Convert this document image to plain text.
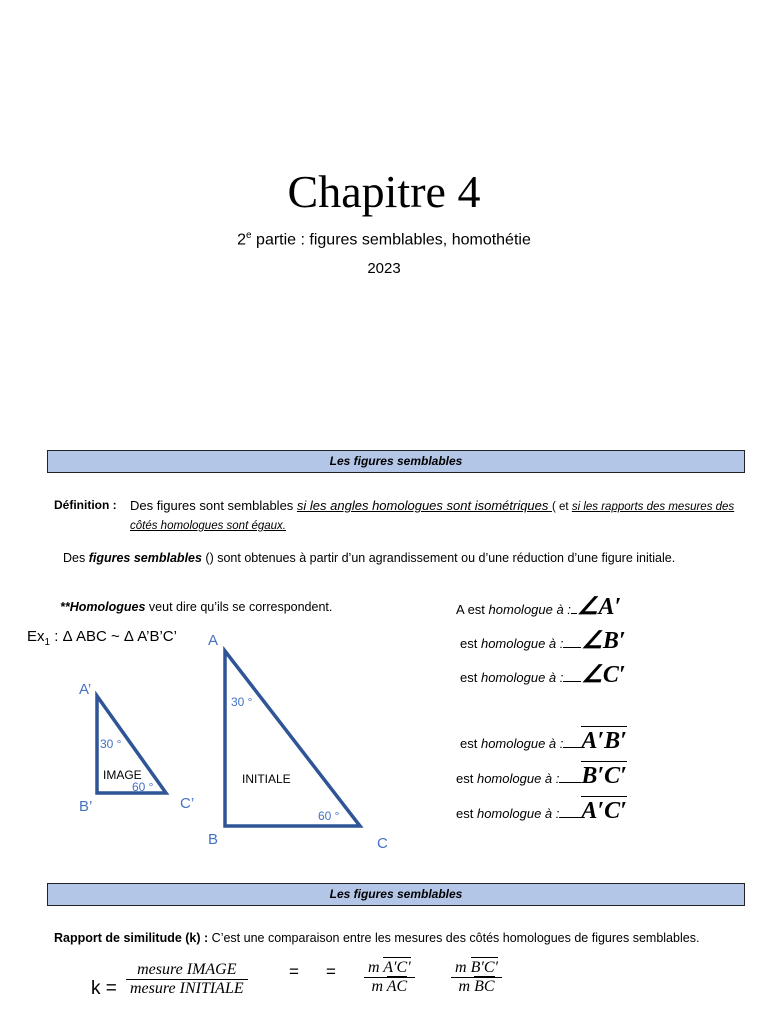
Chapitre 4
2e partie : figures semblables, homothétie
2023
Les figures semblables
Définition : Des figures sont semblables si les angles homologues sont isométriques ( et si les rapports des mesures des côtés homologues sont égaux.
Des figures semblables () sont obtenues à partir d’un agrandissement ou d’une réduction d’une figure initiale.
**Homologues veut dire qu’ils se correspondent.
$Ex_1$ : Δ ABC ~ Δ A’B’C’
A’
B’	C’
30 °
60 °
IMAGE
A
B	C
30 °
60 °
INITIALE
A est homologue à : ∠A′
est homologue à : ∠B′
est homologue à : ∠C′
est homologue à : A′B′
est homologue à : B′C′
est homologue à : A′C′
Les figures semblables
Rapport de similitude (k) : C’est une comparaison entre les mesures des côtés homologues de figures semblables.
k =
mesure IMAGE
mesure INITIALE
= = $\frac{\text{m A′C′}}{\text{m AC}} \frac{\text{m B′C′}}{\text{m BC}}$
